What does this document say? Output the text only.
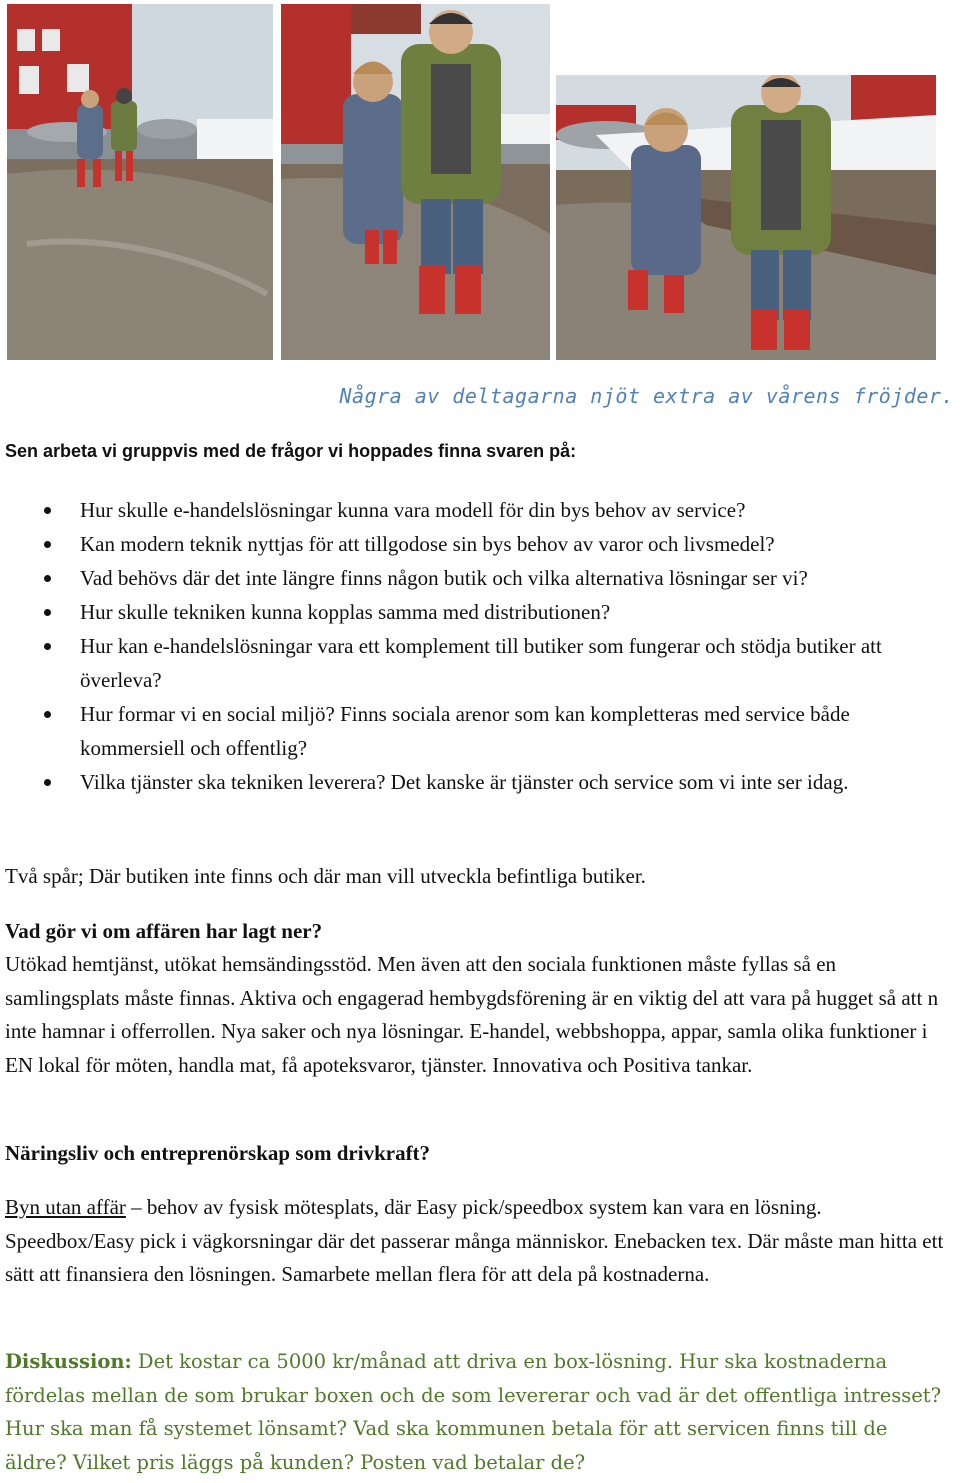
Några av deltagarna njöt extra av vårens fröjder.
Sen arbeta vi gruppvis med de frågor vi hoppades finna svaren på:
Hur skulle e-handelslösningar kunna vara modell för din bys behov av service?
Kan modern teknik nyttjas för att tillgodose sin bys behov av varor och livsmedel?
Vad behövs där det inte längre finns någon butik och vilka alternativa lösningar ser vi?
Hur skulle tekniken kunna kopplas samma med distributionen?
Hur kan e-handelslösningar vara ett komplement till butiker som fungerar och stödja butiker att överleva?
Hur formar vi en social miljö? Finns sociala arenor som kan kompletteras med service både kommersiell och offentlig?
Vilka tjänster ska tekniken leverera? Det kanske är tjänster och service som vi inte ser idag.

Två spår; Där butiken inte finns och där man vill utveckla befintliga butiker.

Vad gör vi om affären har lagt ner?

Utökad hemtjänst, utökat hemsändingsstöd. Men även att den sociala funktionen måste fyllas så en samlingsplats måste finnas. Aktiva och engagerad hembygdsförening är en viktig del att vara på hugget så att n inte hamnar i offerrollen. Nya saker och nya lösningar. E-handel, webbshoppa, appar, samla olika funktioner i EN lokal för möten, handla mat, få apoteksvaror, tjänster. Innovativa och Positiva tankar.

Näringsliv och entreprenörskap som drivkraft?

Byn utan affär – behov av fysisk mötesplats, där Easy pick/speedbox system kan vara en lösning. Speedbox/Easy pick i vägkorsningar där det passerar många människor. Enebacken tex. Där måste man hitta ett sätt att finansiera den lösningen. Samarbete mellan flera för att dela på kostnaderna.

Diskussion: Det kostar ca 5000 kr/månad att driva en box-lösning. Hur ska kostnaderna fördelas mellan de som brukar boxen och de som levererar och vad är det offentliga intresset? Hur ska man få systemet lönsamt? Vad ska kommunen betala för att servicen finns till de äldre? Vilket pris läggs på kunden? Posten vad betalar de?
